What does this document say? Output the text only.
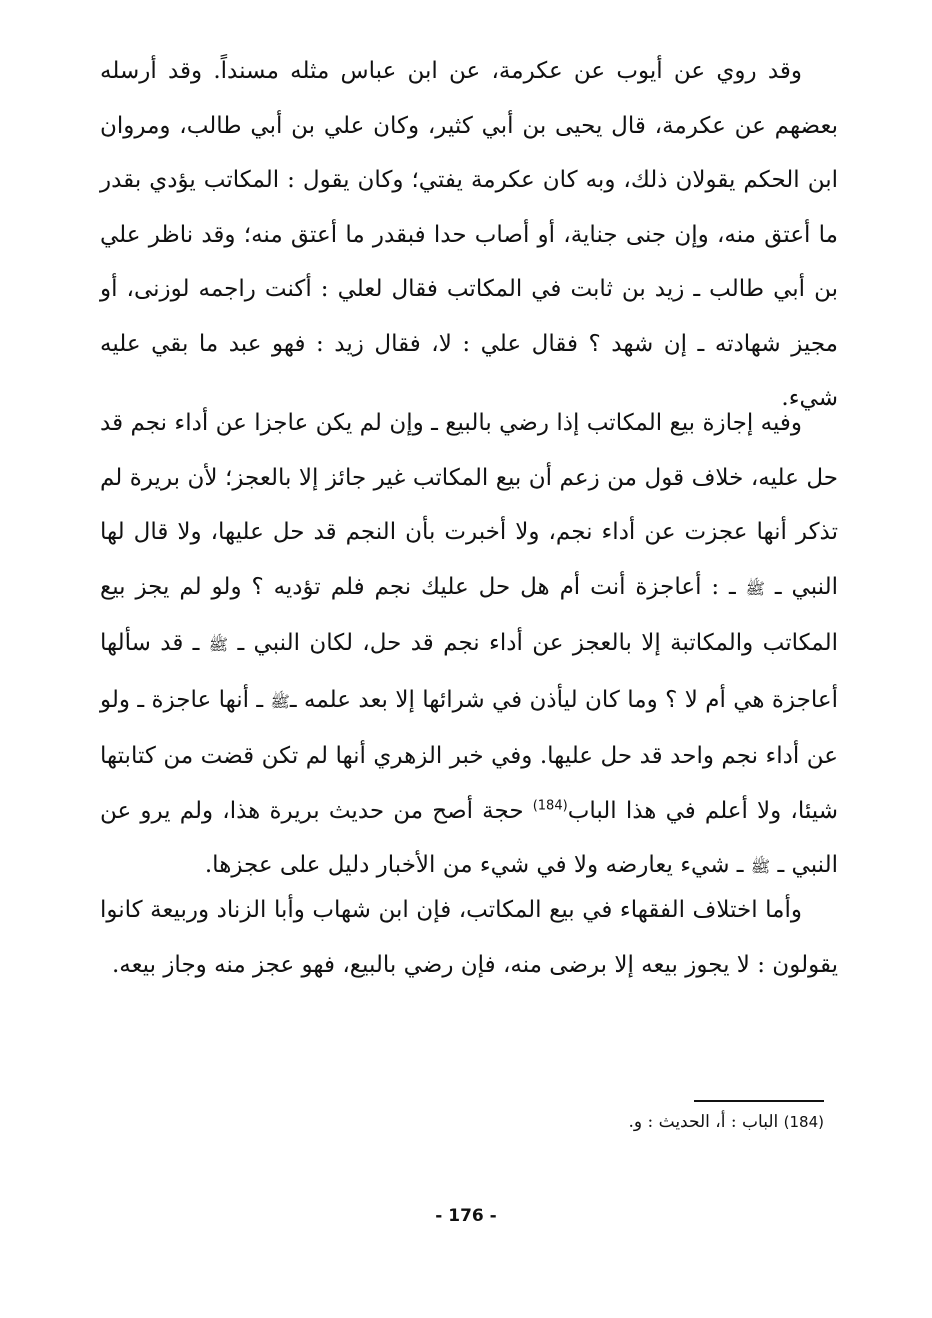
وقد روي عن أيوب عن عكرمة، عن ابن عباس مثله مسنداً. وقد أرسله بعضهم عن عكرمة، قال يحيى بن أبي كثير، وكان علي بن أبي طالب، ومروان ابن الحكم يقولان ذلك، وبه كان عكرمة يفتي؛ وكان يقول : المكاتب يؤدي بقدر ما أعتق منه، وإن جنى جناية، أو أصاب حدا فبقدر ما أعتق منه؛ وقد ناظر علي بن أبي طالب ـ زيد بن ثابت في المكاتب فقال لعلي : أكنت راجمه لوزنى، أو مجيز شهادته ـ إن شهد ؟ فقال علي : لا، فقال زيد : فهو عبد ما بقي عليه شيء.

وفيه إجازة بيع المكاتب إذا رضي بالبيع ـ وإن لم يكن عاجزا عن أداء نجم قد حل عليه، خلاف قول من زعم أن بيع المكاتب غير جائز إلا بالعجز؛ لأن بريرة لم تذكر أنها عجزت عن أداء نجم، ولا أخبرت بأن النجم قد حل عليها، ولا قال لها النبي ـ ﷺ ـ : أعاجزة أنت أم هل حل عليك نجم فلم تؤديه ؟ ولو لم يجز بيع المكاتب والمكاتبة إلا بالعجز عن أداء نجم قد حل، لكان النبي ـ ﷺ ـ قد سألها أعاجزة هي أم لا ؟ وما كان ليأذن في شرائها إلا بعد علمه ـﷺ ـ أنها عاجزة ـ ولو عن أداء نجم واحد قد حل عليها. وفي خبر الزهري أنها لم تكن قضت من كتابتها شيئا، ولا أعلم في هذا الباب$^{(184)}$ حجة أصح من حديث بريرة هذا، ولم يرو عن النبي ـ ﷺ ـ شيء يعارضه ولا في شيء من الأخبار دليل على عجزها.

وأما اختلاف الفقهاء في بيع المكاتب، فإن ابن شهاب وأبا الزناد وربيعة كانوا يقولون : لا يجوز بيعه إلا برضى منه، فإن رضي بالبيع، فهو عجز منه وجاز بيعه.

(184) الباب : أ، الحديث : و.
- 176 -
